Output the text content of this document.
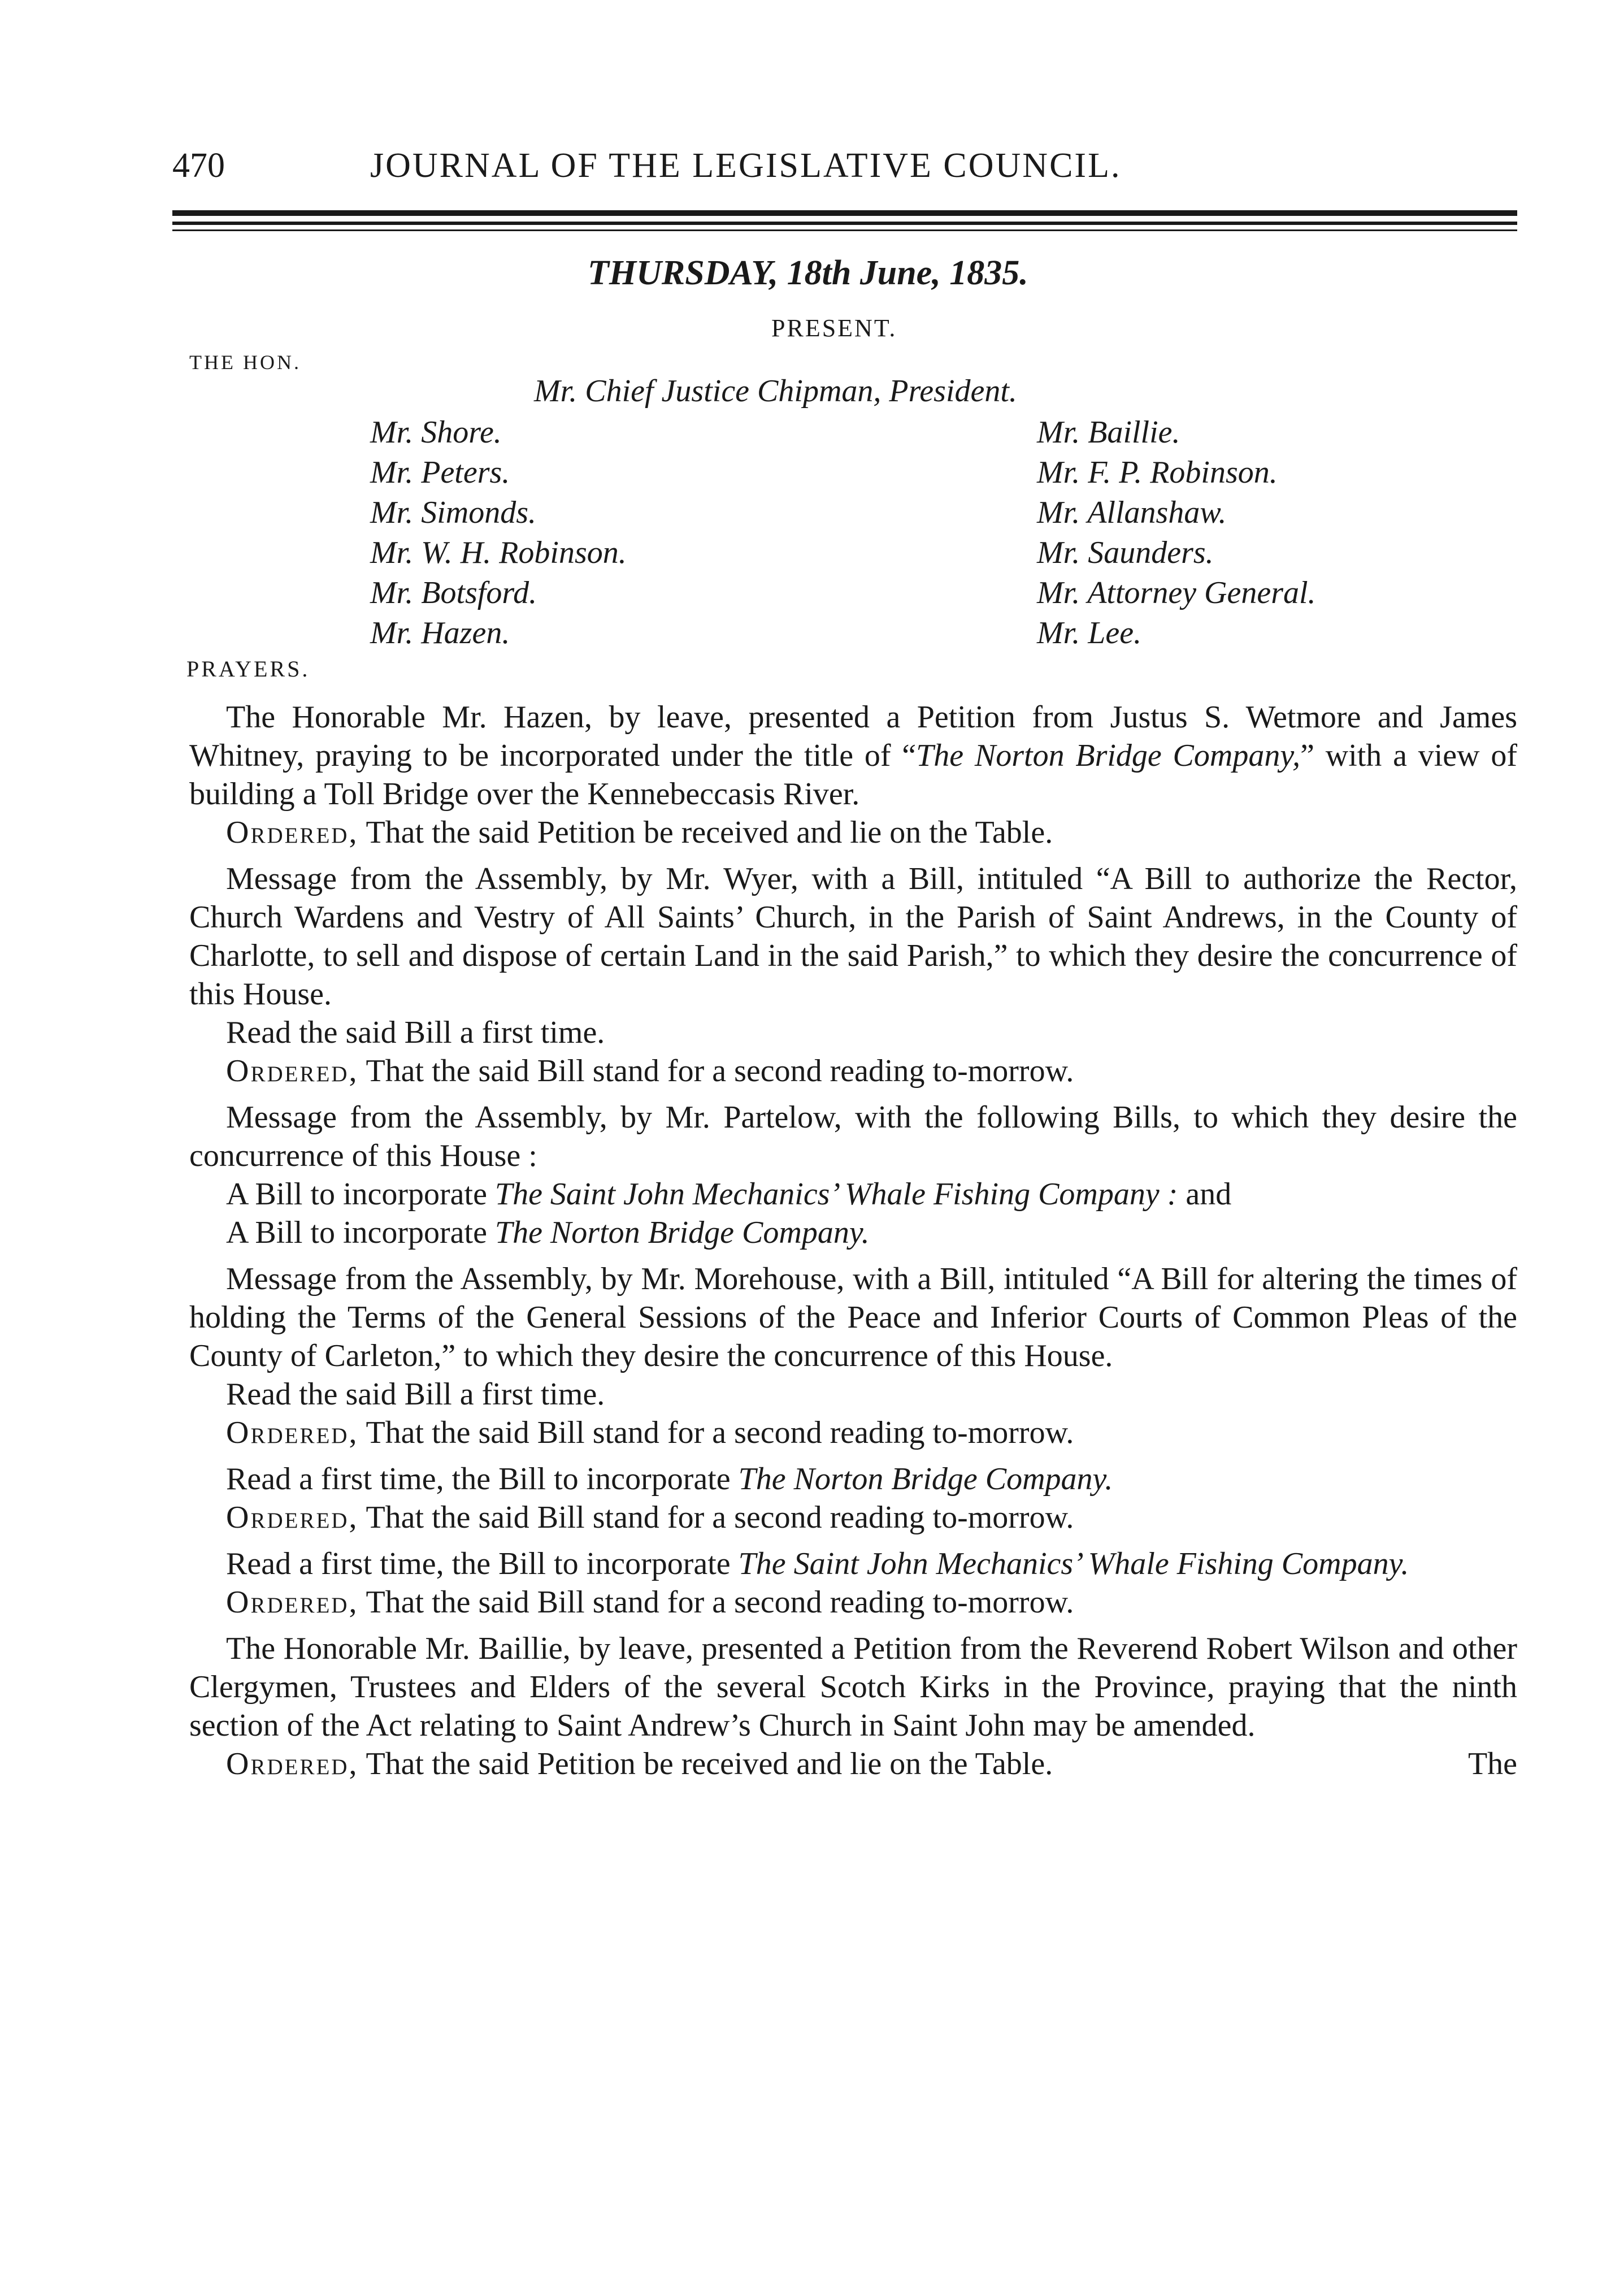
470	JOURNAL OF THE LEGISLATIVE COUNCIL.
THURSDAY, 18th June, 1835.
PRESENT.
THE HON.
Mr. Chief Justice Chipman, President.
Mr. Shore.
Mr. Peters.
Mr. Simonds.
Mr. W. H. Robinson.
Mr. Botsford.
Mr. Hazen.
Mr. Baillie.
Mr. F. P. Robinson.
Mr. Allanshaw.
Mr. Saunders.
Mr. Attorney General.
Mr. Lee.
PRAYERS.

The Honorable Mr. Hazen, by leave, presented a Petition from Justus S. Wetmore and James Whitney, praying to be incorporated under the title of “The Norton Bridge Company,” with a view of building a Toll Bridge over the Kennebeccasis River.

Ordered, That the said Petition be received and lie on the Table.

Message from the Assembly, by Mr. Wyer, with a Bill, intituled “A Bill to authorize the Rector, Church Wardens and Vestry of All Saints’ Church, in the Parish of Saint Andrews, in the County of Charlotte, to sell and dispose of certain Land in the said Parish,” to which they desire the concurrence of this House.

Read the said Bill a first time.

Ordered, That the said Bill stand for a second reading to-morrow.

Message from the Assembly, by Mr. Partelow, with the following Bills, to which they desire the concurrence of this House :

A Bill to incorporate The Saint John Mechanics’ Whale Fishing Company : and

A Bill to incorporate The Norton Bridge Company.

Message from the Assembly, by Mr. Morehouse, with a Bill, intituled “A Bill for altering the times of holding the Terms of the General Sessions of the Peace and Inferior Courts of Common Pleas of the County of Carleton,” to which they desire the concurrence of this House.

Read the said Bill a first time.

Ordered, That the said Bill stand for a second reading to-morrow.

Read a first time, the Bill to incorporate The Norton Bridge Company.

Ordered, That the said Bill stand for a second reading to-morrow.

Read a first time, the Bill to incorporate The Saint John Mechanics’ Whale Fishing Company.

Ordered, That the said Bill stand for a second reading to-morrow.

The Honorable Mr. Baillie, by leave, presented a Petition from the Reverend Robert Wilson and other Clergymen, Trustees and Elders of the several Scotch Kirks in the Province, praying that the ninth section of the Act relating to Saint Andrew’s Church in Saint John may be amended.

Ordered, That the said Petition be received and lie on the Table.	The
